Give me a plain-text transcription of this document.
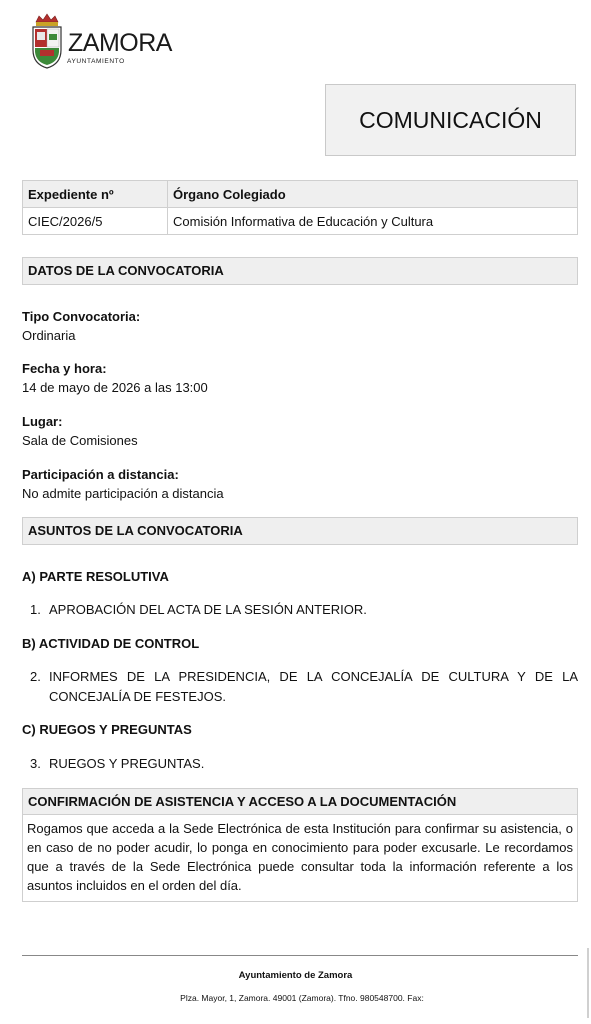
ZAMORA
AYUNTAMIENTO
COMUNICACIÓN
Expediente nº	Órgano Colegiado
CIEC/2026/5	Comisión Informativa de Educación y Cultura
DATOS DE LA CONVOCATORIA
Tipo Convocatoria:
Ordinaria
Fecha y hora:
14 de mayo de 2026 a las 13:00
Lugar:
Sala de Comisiones
Participación a distancia:
No admite participación a distancia
ASUNTOS DE LA CONVOCATORIA
A) PARTE RESOLUTIVA
1. APROBACIÓN DEL ACTA DE LA SESIÓN ANTERIOR.
B) ACTIVIDAD DE CONTROL
2. INFORMES DE LA PRESIDENCIA, DE LA CONCEJALÍA DE CULTURA Y DE LA CONCEJALÍA DE FESTEJOS.
C) RUEGOS Y PREGUNTAS
3. RUEGOS Y PREGUNTAS.
CONFIRMACIÓN DE ASISTENCIA Y ACCESO A LA DOCUMENTACIÓN
Rogamos que acceda a la Sede Electrónica de esta Institución para confirmar su asistencia, o en caso de no poder acudir, lo ponga en conocimiento para poder excusarle. Le recordamos que a través de la Sede Electrónica puede consultar toda la información referente a los asuntos incluidos en el orden del día.
Ayuntamiento de Zamora
Plza. Mayor, 1, Zamora. 49001 (Zamora). Tfno. 980548700. Fax:
